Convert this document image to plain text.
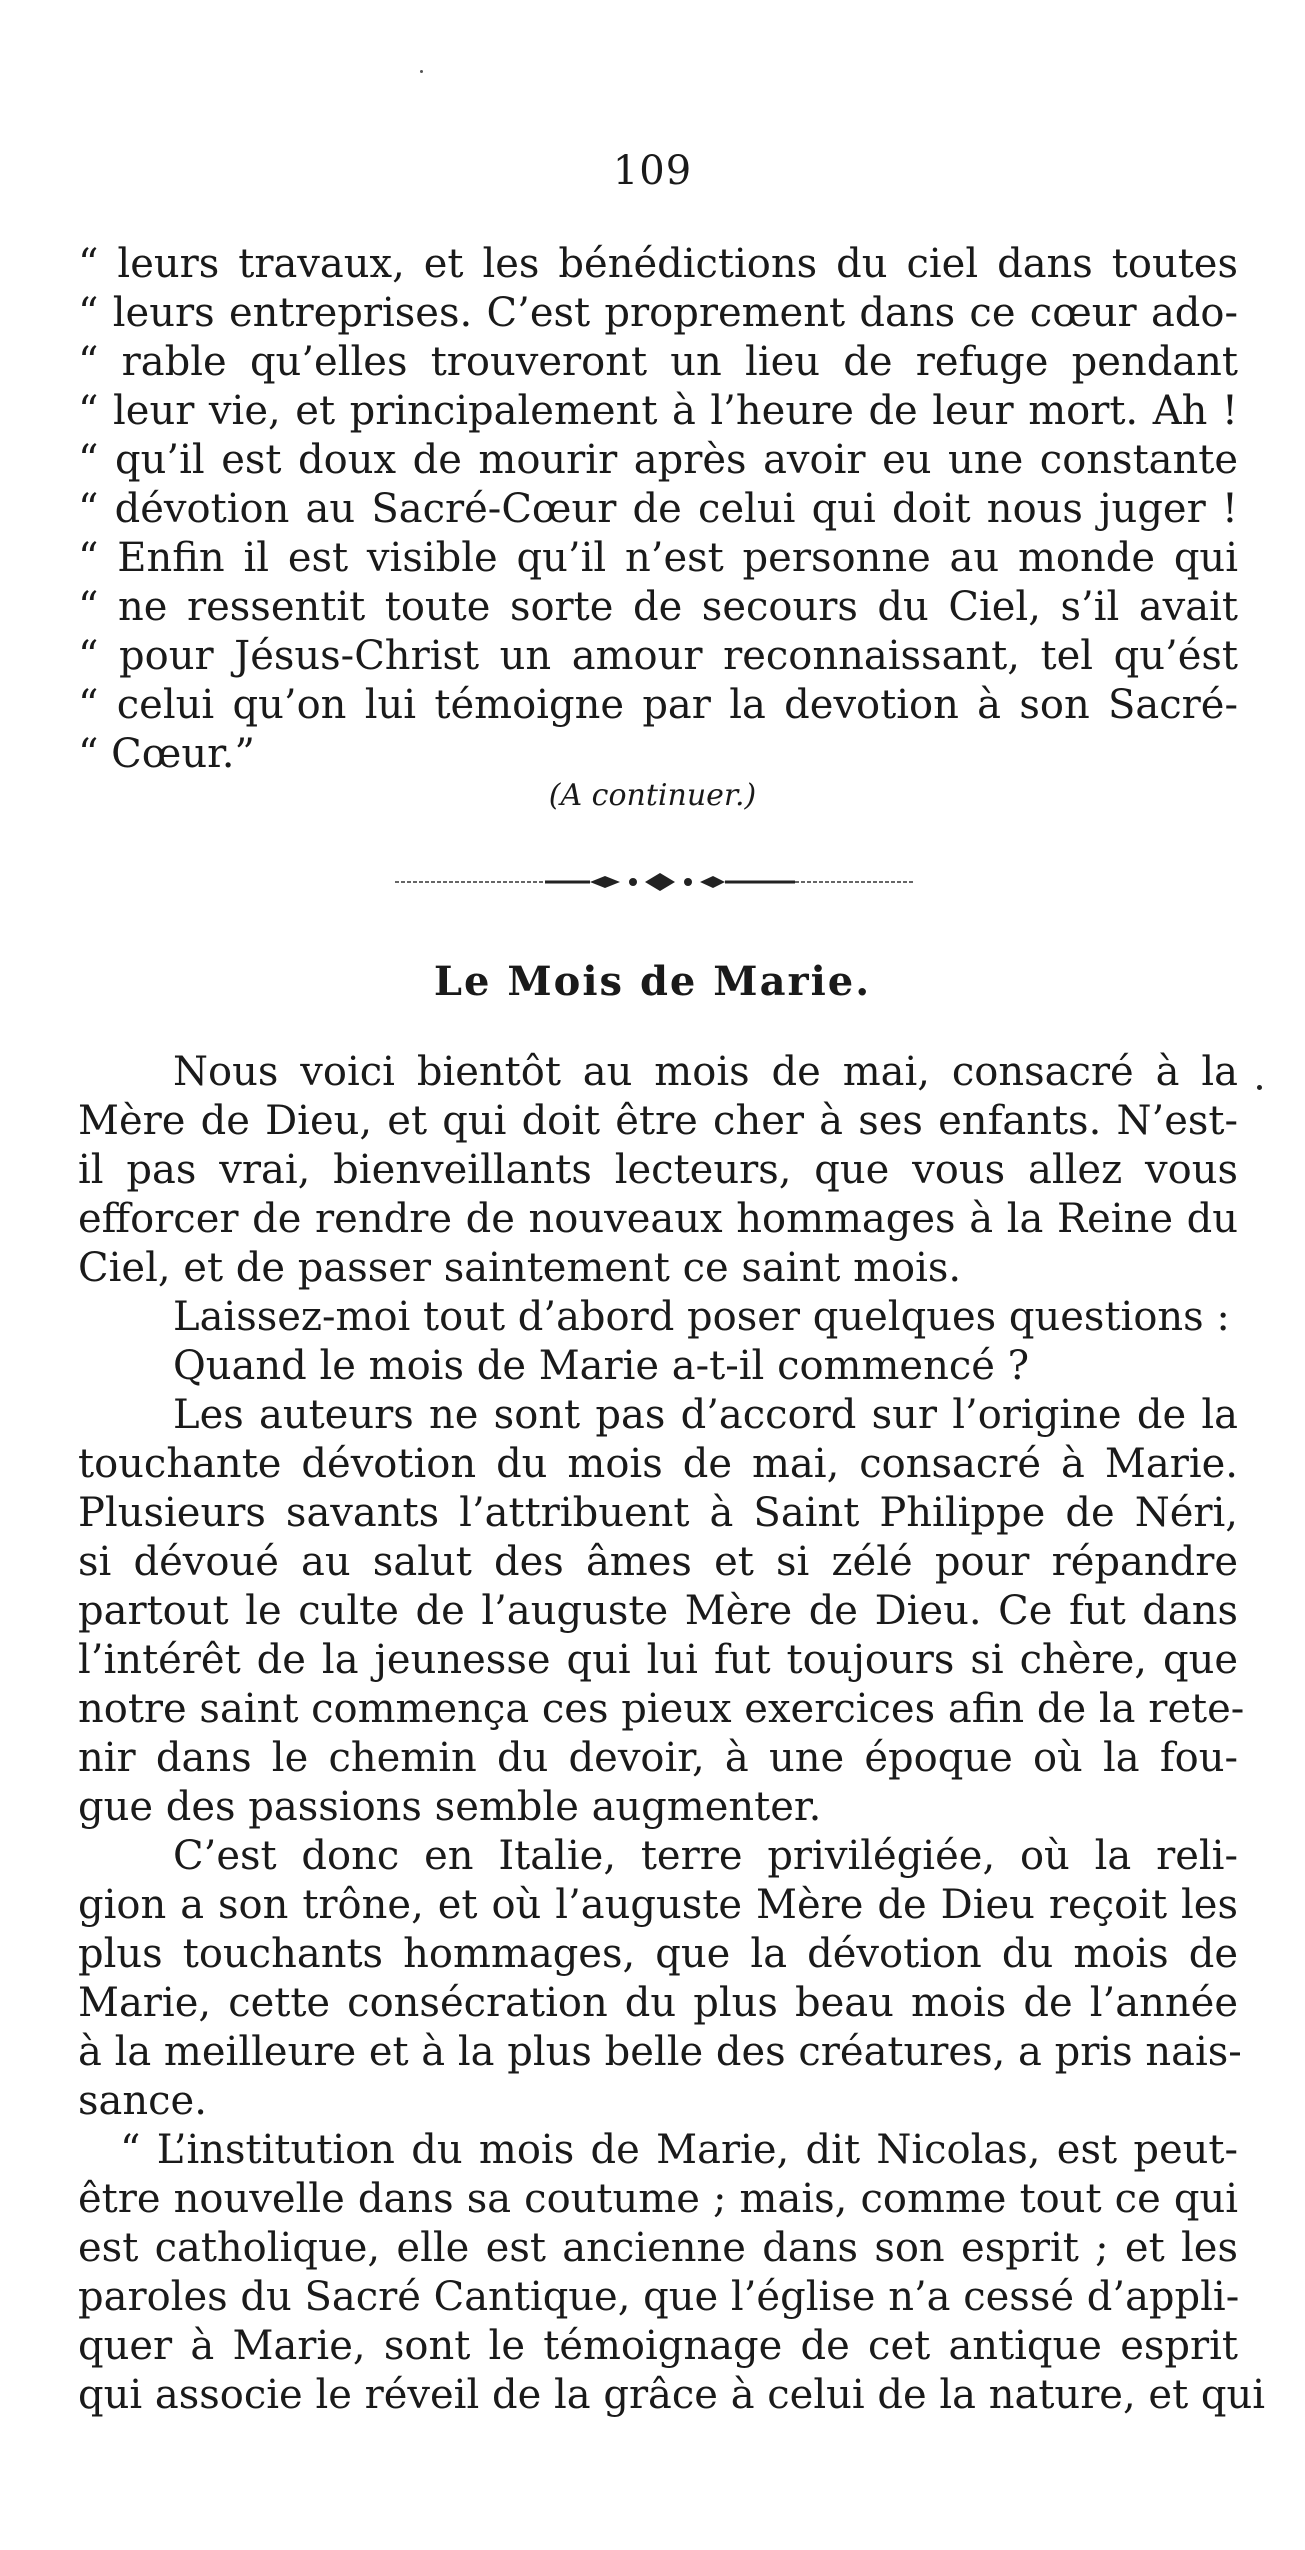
109
“ leurs travaux, et les bénédictions du ciel dans toutes
“ leurs entreprises. C’est proprement dans ce cœur ado-
“ rable qu’elles trouveront un lieu de refuge pendant
“ leur vie, et principalement à l’heure de leur mort. Ah !
“ qu’il est doux de mourir après avoir eu une constante
“ dévotion au Sacré-Cœur de celui qui doit nous juger !
“ Enfin il est visible qu’il n’est personne au monde qui
“ ne ressentit toute sorte de secours du Ciel, s’il avait
“ pour Jésus-Christ un amour reconnaissant, tel qu’ést
“ celui qu’on lui témoigne par la devotion à son Sacré-
“ Cœur.”
(A continuer.)
Le Mois de Marie.
Nous voici bientôt au mois de mai, consacré à la
Mère de Dieu, et qui doit être cher à ses enfants. N’est-
il pas vrai, bienveillants lecteurs, que vous allez vous
efforcer de rendre de nouveaux hommages à la Reine du
Ciel, et de passer saintement ce saint mois.
Laissez-moi tout d’abord poser quelques questions :
Quand le mois de Marie a-t-il commencé ?
Les auteurs ne sont pas d’accord sur l’origine de la
touchante dévotion du mois de mai, consacré à Marie.
Plusieurs savants l’attribuent à Saint Philippe de Néri,
si dévoué au salut des âmes et si zélé pour répandre
partout le culte de l’auguste Mère de Dieu. Ce fut dans
l’intérêt de la jeunesse qui lui fut toujours si chère, que
notre saint commença ces pieux exercices afin de la rete-
nir dans le chemin du devoir, à une époque où la fou-
gue des passions semble augmenter.
C’est donc en Italie, terre privilégiée, où la reli-
gion a son trône, et où l’auguste Mère de Dieu reçoit les
plus touchants hommages, que la dévotion du mois de
Marie, cette consécration du plus beau mois de l’année
à la meilleure et à la plus belle des créatures, a pris nais-
sance.
“ L’institution du mois de Marie, dit Nicolas, est peut-
être nouvelle dans sa coutume ; mais, comme tout ce qui
est catholique, elle est ancienne dans son esprit ; et les
paroles du Sacré Cantique, que l’église n’a cessé d’appli-
quer à Marie, sont le témoignage de cet antique esprit
qui associe le réveil de la grâce à celui de la nature, et qui
